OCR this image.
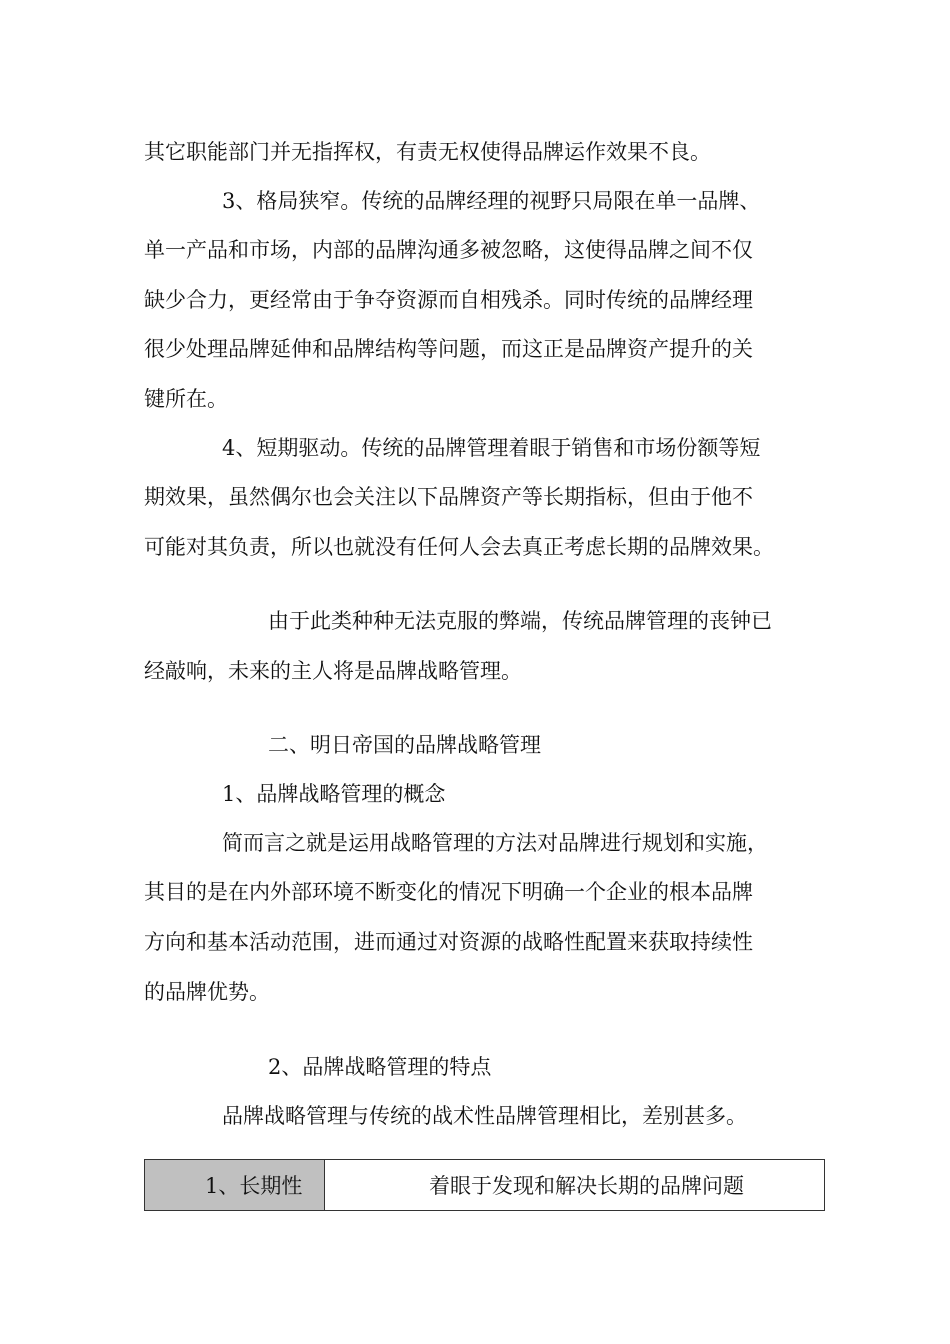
其它职能部门并无指挥权，有责无权使得品牌运作效果不良。
3、格局狭窄。传统的品牌经理的视野只局限在单一品牌、
单一产品和市场，内部的品牌沟通多被忽略，这使得品牌之间不仅
缺少合力，更经常由于争夺资源而自相残杀。同时传统的品牌经理
很少处理品牌延伸和品牌结构等问题，而这正是品牌资产提升的关
键所在。
4、短期驱动。传统的品牌管理着眼于销售和市场份额等短
期效果，虽然偶尔也会关注以下品牌资产等长期指标，但由于他不
可能对其负责，所以也就没有任何人会去真正考虑长期的品牌效果。
由于此类种种无法克服的弊端，传统品牌管理的丧钟已
经敲响，未来的主人将是品牌战略管理。
二、明日帝国的品牌战略管理
1、品牌战略管理的概念
简而言之就是运用战略管理的方法对品牌进行规划和实施，
其目的是在内外部环境不断变化的情况下明确一个企业的根本品牌
方向和基本活动范围，进而通过对资源的战略性配置来获取持续性
的品牌优势。
2、品牌战略管理的特点
品牌战略管理与传统的战术性品牌管理相比，差别甚多。
1、长期性	着眼于发现和解决长期的品牌问题
